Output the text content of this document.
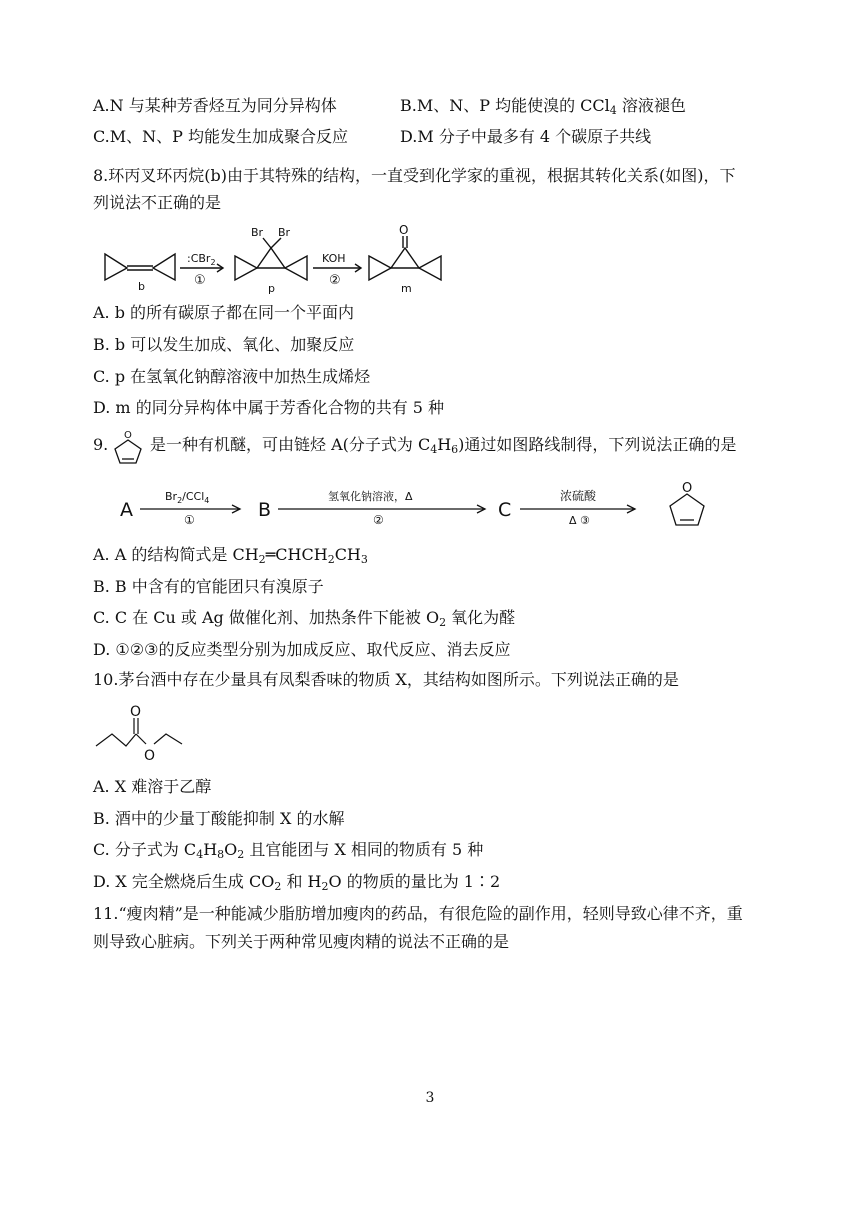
A.N 与某种芳香烃互为同分异构体	B.M、N、P 均能使溴的 CCl$_4$ 溶液褪色
C.M、N、P 均能发生加成聚合反应	D.M 分子中最多有 4 个碳原子共线
8.环丙叉环丙烷(b)由于其特殊的结构，一直受到化学家的重视，根据其转化关系(如图)，下
列说法不正确的是
b	p	m
:CBr$_2$
①
KOH
②
Br Br	O
A. b 的所有碳原子都在同一个平面内
B. b 可以发生加成、氧化、加聚反应
C. p 在氢氧化钠醇溶液中加热生成烯烃
D. m 的同分异构体中属于芳香化合物的共有 5 种
9. O 是一种有机醚，可由链烃 A(分子式为 $C_4H_6$)通过如图路线制得，下列说法正确的是
A	B	C
$Br_2/CCl_4$
①
氢氧化钠溶液，Δ
②
浓硫酸
Δ ③
O
A. A 的结构简式是 $CH_2═CHCH_2CH_3$
B. B 中含有的官能团只有溴原子
C. C 在 Cu 或 Ag 做催化剂、加热条件下能被 $O_2$ 氧化为醛
D. ①②③的反应类型分别为加成反应、取代反应、消去反应
10.茅台酒中存在少量具有凤梨香味的物质 X，其结构如图所示。下列说法正确的是
O
O
A. X 难溶于乙醇
B. 酒中的少量丁酸能抑制 X 的水解
C. 分子式为 $C_4H_8O_2$ 且官能团与 X 相同的物质有 5 种
D. X 完全燃烧后生成 $CO_2$ 和 $H_2O$ 的物质的量比为 1∶2
11.“瘦肉精”是一种能减少脂肪增加瘦肉的药品，有很危险的副作用，轻则导致心律不齐，重
则导致心脏病。下列关于两种常见瘦肉精的说法不正确的是
3
